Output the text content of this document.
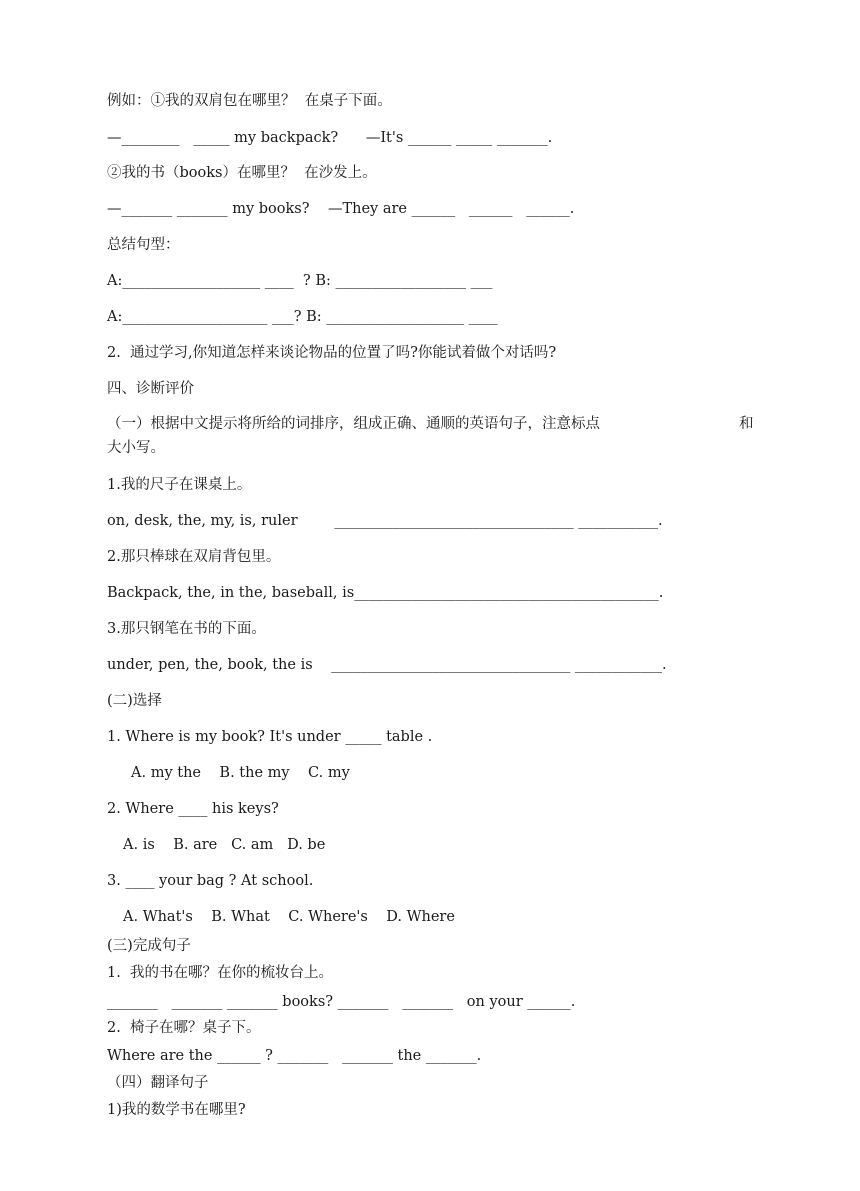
例如：①我的双肩包在哪里？  在桌子下面。
—________   _____ my backpack?      —It's ______ _____ _______.
②我的书（books）在哪里？  在沙发上。
—_______ _______ my books?    —They are ______   ______   ______.
总结句型：
A:___________________ ____  ? B: __________________ ___
A:____________________ ___? B: ___________________ ____
2.  通过学习,你知道怎样来谈论物品的位置了吗?你能试着做个对话吗?
四、诊断评价
（一）根据中文提示将所给的词排序，组成正确、通顺的英语句子，注意标点	和
大小写。
1.我的尺子在课桌上。
on, desk, the, my, is, ruler        _________________________________ ___________.
2.那只棒球在双肩背包里。
Backpack, the, in the, baseball, is__________________________________________.
3.那只钢笔在书的下面。
under, pen, the, book, the is    _________________________________ ____________.
(二)选择
1. Where is my book? It's under _____ table .
A. my the    B. the my    C. my
2. Where ____ his keys?
A. is    B. are   C. am   D. be
3. ____ your bag ? At school.
A. What's    B. What    C. Where's    D. Where
(三)完成句子
1.  我的书在哪？在你的梳妆台上。
_______   _______ _______ books? _______   _______   on your ______.
2.  椅子在哪？桌子下。
Where are the ______ ? _______   _______ the _______.
（四）翻译句子
1)我的数学书在哪里?
